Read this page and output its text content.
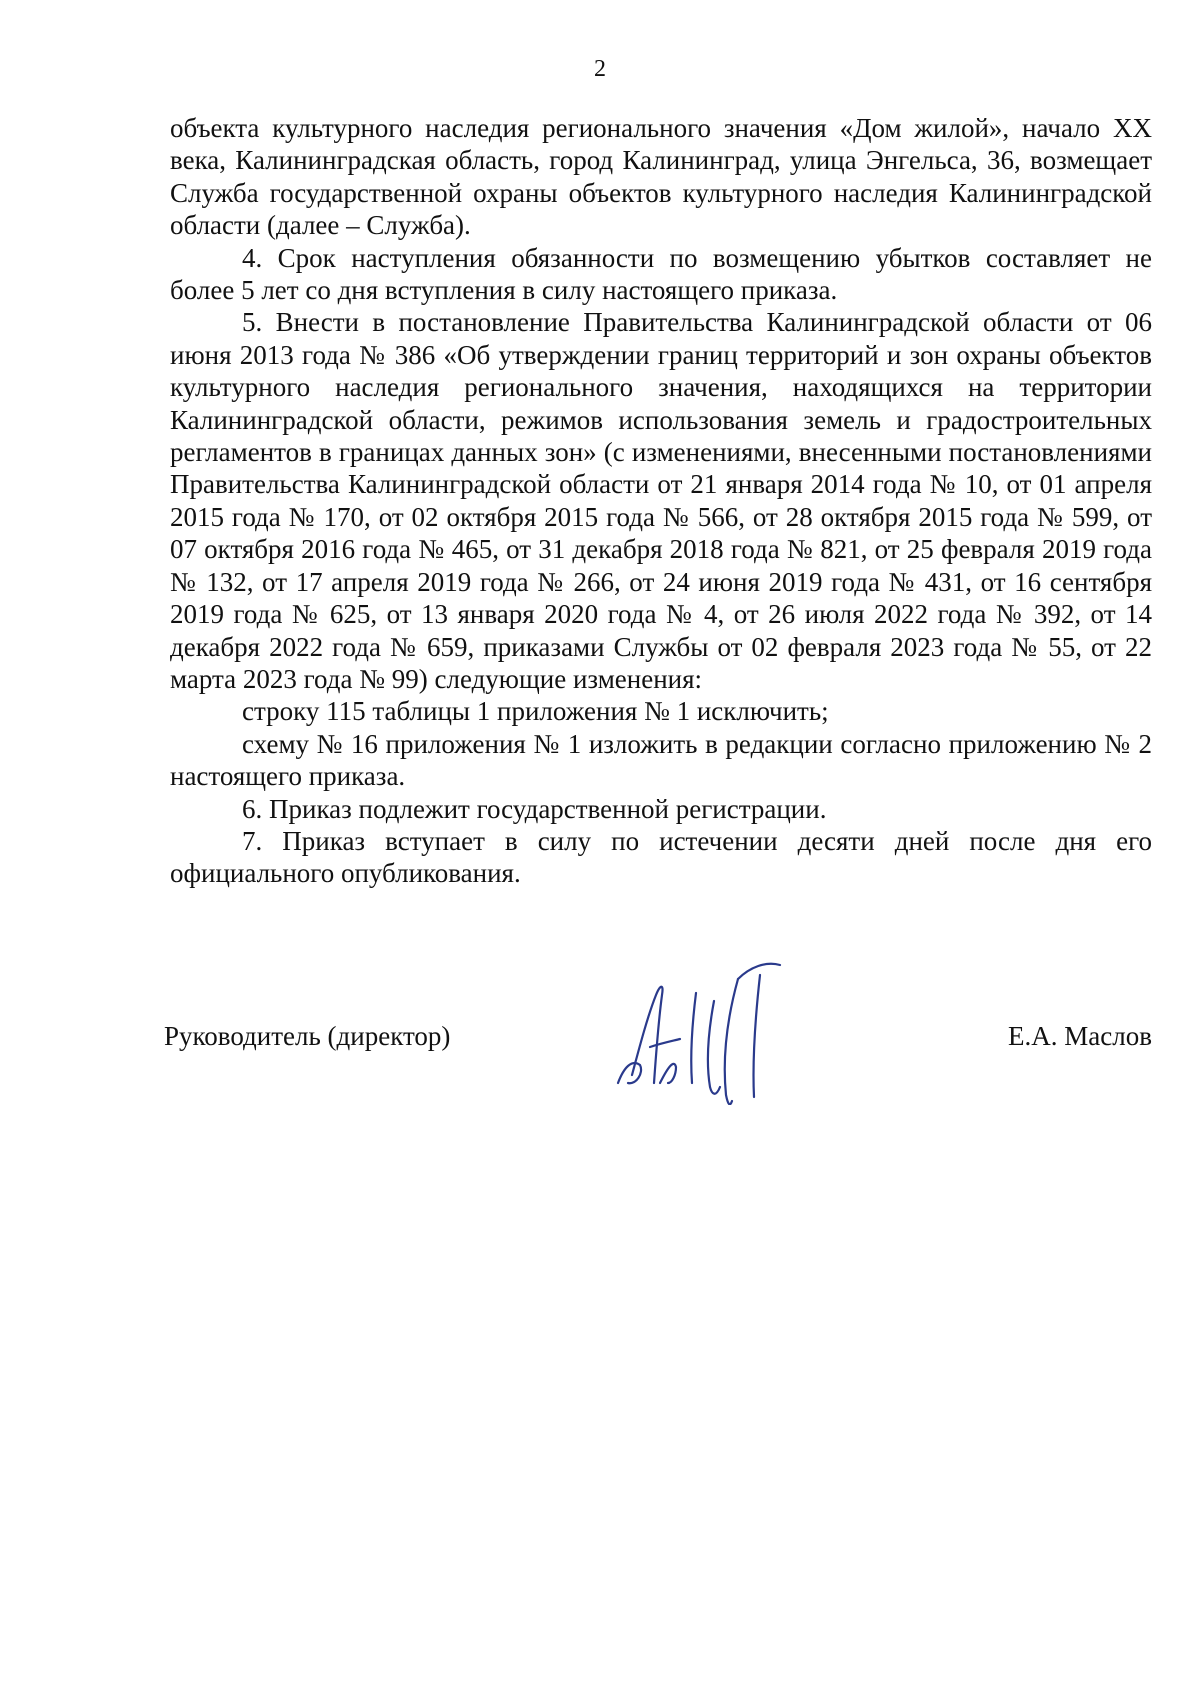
2

объекта культурного наследия регионального значения «Дом жилой», начало XX века, Калининградская область, город Калининград, улица Энгельса, 36, возмещает Служба государственной охраны объектов культурного наследия Калининградской области (далее – Служба).

4. Срок наступления обязанности по возмещению убытков составляет не более 5 лет со дня вступления в силу настоящего приказа.

5. Внести в постановление Правительства Калининградской области от 06 июня 2013 года № 386 «Об утверждении границ территорий и зон охраны объектов культурного наследия регионального значения, находящихся на территории Калининградской области, режимов использования земель и градостроительных регламентов в границах данных зон» (с изменениями, внесенными постановлениями Правительства Калининградской области от 21 января 2014 года № 10, от 01 апреля 2015 года № 170, от 02 октября 2015 года № 566, от 28 октября 2015 года № 599, от 07 октября 2016 года № 465, от 31 декабря 2018 года № 821, от 25 февраля 2019 года № 132, от 17 апреля 2019 года № 266, от 24 июня 2019 года № 431, от 16 сентября 2019 года № 625, от 13 января 2020 года № 4, от 26 июля 2022 года № 392, от 14 декабря 2022 года № 659, приказами Службы от 02 февраля 2023 года № 55, от 22 марта 2023 года № 99) следующие изменения:

строку 115 таблицы 1 приложения № 1 исключить;

схему № 16 приложения № 1 изложить в редакции согласно приложению № 2 настоящего приказа.

6. Приказ подлежит государственной регистрации.

7. Приказ вступает в силу по истечении десяти дней после дня его официального опубликования.

Руководитель (директор)	Е.А. Маслов
